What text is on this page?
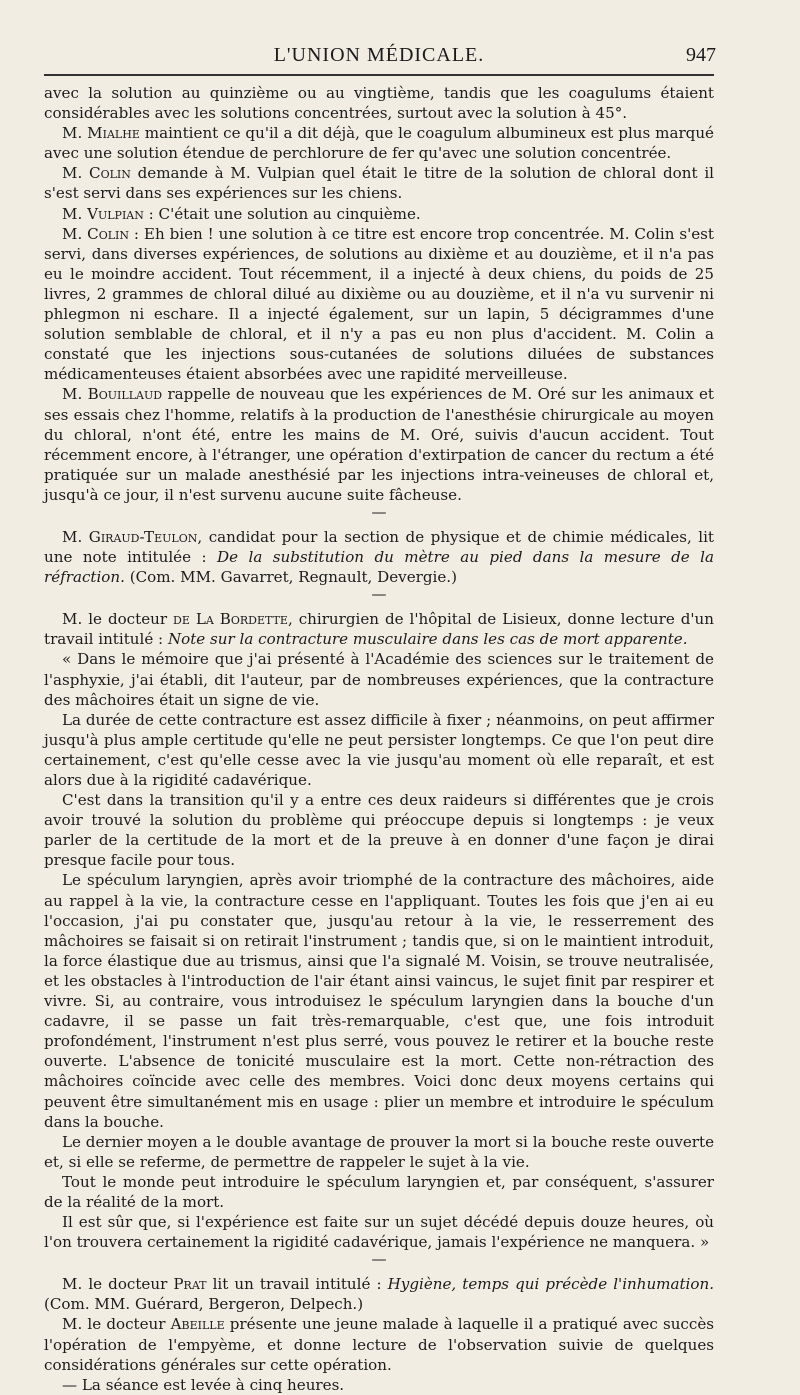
L'UNION MÉDICALE.	947

avec la solution au quinzième ou au vingtième, tandis que les coagulums étaient considérables avec les solutions concentrées, surtout avec la solution à 45°.

M. Mialhe maintient ce qu'il a dit déjà, que le coagulum albumineux est plus marqué avec une solution étendue de perchlorure de fer qu'avec une solution concentrée.

M. Colin demande à M. Vulpian quel était le titre de la solution de chloral dont il s'est servi dans ses expériences sur les chiens.

M. Vulpian : C'était une solution au cinquième.

M. Colin : Eh bien ! une solution à ce titre est encore trop concentrée. M. Colin s'est servi, dans diverses expériences, de solutions au dixième et au douzième, et il n'a pas eu le moindre accident. Tout récemment, il a injecté à deux chiens, du poids de 25 livres, 2 grammes de chloral dilué au dixième ou au douzième, et il n'a vu survenir ni phlegmon ni eschare. Il a injecté également, sur un lapin, 5 décigrammes d'une solution semblable de chloral, et il n'y a pas eu non plus d'accident. M. Colin a constaté que les injections sous-cutanées de solutions diluées de substances médicamenteuses étaient absorbées avec une rapidité merveilleuse.

M. Bouillaud rappelle de nouveau que les expériences de M. Oré sur les animaux et ses essais chez l'homme, relatifs à la production de l'anesthésie chirurgicale au moyen du chloral, n'ont été, entre les mains de M. Oré, suivis d'aucun accident. Tout récemment encore, à l'étranger, une opération d'extirpation de cancer du rectum a été pratiquée sur un malade anesthésié par les injections intra-veineuses de chloral et, jusqu'à ce jour, il n'est survenu aucune suite fâcheuse.

—

M. Giraud-Teulon, candidat pour la section de physique et de chimie médicales, lit une note intitulée : De la substitution du mètre au pied dans la mesure de la réfraction. (Com. MM. Gavarret, Regnault, Devergie.)

—

M. le docteur de La Bordette, chirurgien de l'hôpital de Lisieux, donne lecture d'un travail intitulé : Note sur la contracture musculaire dans les cas de mort apparente.

« Dans le mémoire que j'ai présenté à l'Académie des sciences sur le traitement de l'asphyxie, j'ai établi, dit l'auteur, par de nombreuses expériences, que la contracture des mâchoires était un signe de vie.

La durée de cette contracture est assez difficile à fixer ; néanmoins, on peut affirmer jusqu'à plus ample certitude qu'elle ne peut persister longtemps. Ce que l'on peut dire certainement, c'est qu'elle cesse avec la vie jusqu'au moment où elle reparaît, et est alors due à la rigidité cadavérique.

C'est dans la transition qu'il y a entre ces deux raideurs si différentes que je crois avoir trouvé la solution du problème qui préoccupe depuis si longtemps : je veux parler de la certitude de la mort et de la preuve à en donner d'une façon je dirai presque facile pour tous.

Le spéculum laryngien, après avoir triomphé de la contracture des mâchoires, aide au rappel à la vie, la contracture cesse en l'appliquant. Toutes les fois que j'en ai eu l'occasion, j'ai pu constater que, jusqu'au retour à la vie, le resserrement des mâchoires se faisait si on retirait l'instrument ; tandis que, si on le maintient introduit, la force élastique due au trismus, ainsi que l'a signalé M. Voisin, se trouve neutralisée, et les obstacles à l'introduction de l'air étant ainsi vaincus, le sujet finit par respirer et vivre. Si, au contraire, vous introduisez le spéculum laryngien dans la bouche d'un cadavre, il se passe un fait très-remarquable, c'est que, une fois introduit profondément, l'instrument n'est plus serré, vous pouvez le retirer et la bouche reste ouverte. L'absence de tonicité musculaire est la mort. Cette non-rétraction des mâchoires coïncide avec celle des membres. Voici donc deux moyens certains qui peuvent être simultanément mis en usage : plier un membre et introduire le spéculum dans la bouche.

Le dernier moyen a le double avantage de prouver la mort si la bouche reste ouverte et, si elle se referme, de permettre de rappeler le sujet à la vie.

Tout le monde peut introduire le spéculum laryngien et, par conséquent, s'assurer de la réalité de la mort.

Il est sûr que, si l'expérience est faite sur un sujet décédé depuis douze heures, où l'on trouvera certainement la rigidité cadavérique, jamais l'expérience ne manquera. »

—

M. le docteur Prat lit un travail intitulé : Hygiène, temps qui précède l'inhumation. (Com. MM. Guérard, Bergeron, Delpech.)

M. le docteur Abeille présente une jeune malade à laquelle il a pratiqué avec succès l'opération de l'empyème, et donne lecture de l'observation suivie de quelques considérations générales sur cette opération.

— La séance est levée à cinq heures.
